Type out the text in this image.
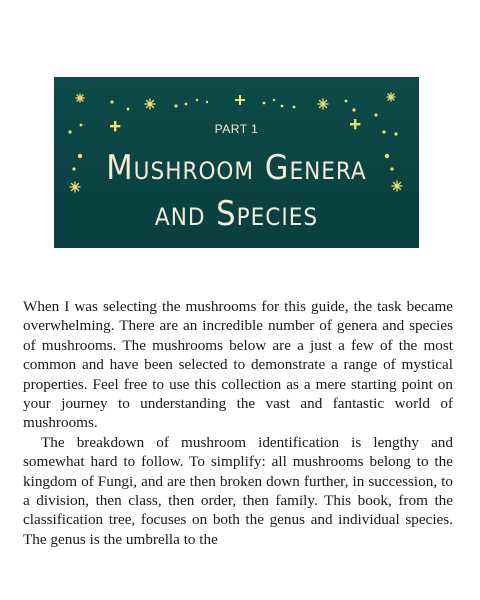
PART 1
Mushroom Genera
and Species

When I was selecting the mushrooms for this guide, the task became overwhelming. There are an incredible number of genera and species of mushrooms. The mushrooms below are a just a few of the most common and have been selected to demonstrate a range of mystical properties. Feel free to use this collection as a mere starting point on your journey to understanding the vast and fantastic world of mushrooms.

The breakdown of mushroom identification is lengthy and somewhat hard to follow. To simplify: all mushrooms belong to the kingdom of Fungi, and are then broken down further, in succession, to a division, then class, then order, then family. This book, from the classification tree, focuses on both the genus and individual species. The genus is the umbrella to the
